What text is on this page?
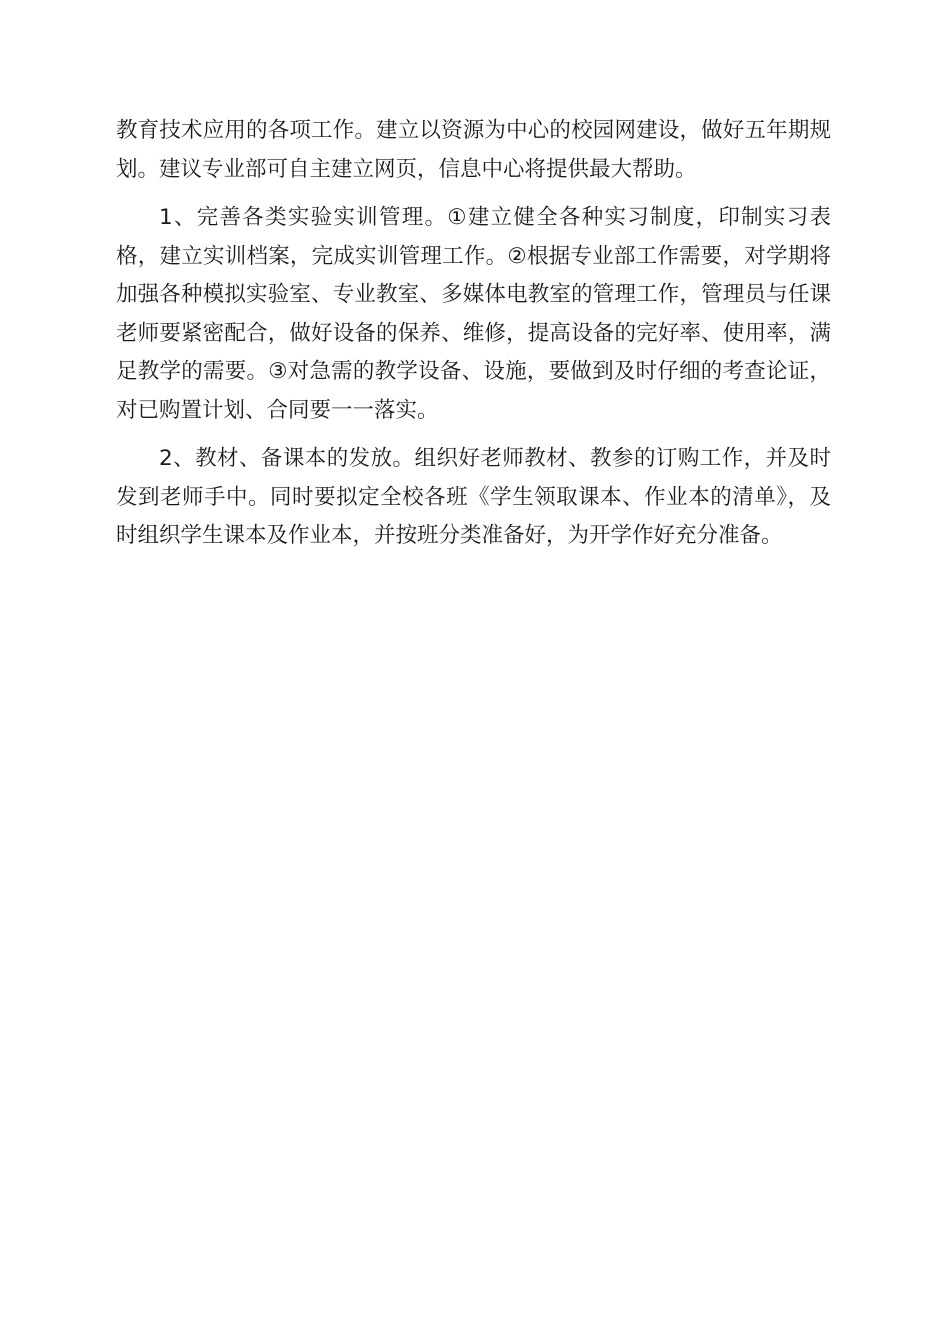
教育技术应用的各项工作。建立以资源为中心的校园网建设，做好五年期规划。建议专业部可自主建立网页，信息中心将提供最大帮助。

1、完善各类实验实训管理。①建立健全各种实习制度，印制实习表格，建立实训档案，完成实训管理工作。②根据专业部工作需要，对学期将加强各种模拟实验室、专业教室、多媒体电教室的管理工作，管理员与任课老师要紧密配合，做好设备的保养、维修，提高设备的完好率、使用率，满足教学的需要。③对急需的教学设备、设施，要做到及时仔细的考查论证，对已购置计划、合同要一一落实。

2、教材、备课本的发放。组织好老师教材、教参的订购工作，并及时发到老师手中。同时要拟定全校各班《学生领取课本、作业本的清单》，及时组织学生课本及作业本，并按班分类准备好，为开学作好充分准备。
